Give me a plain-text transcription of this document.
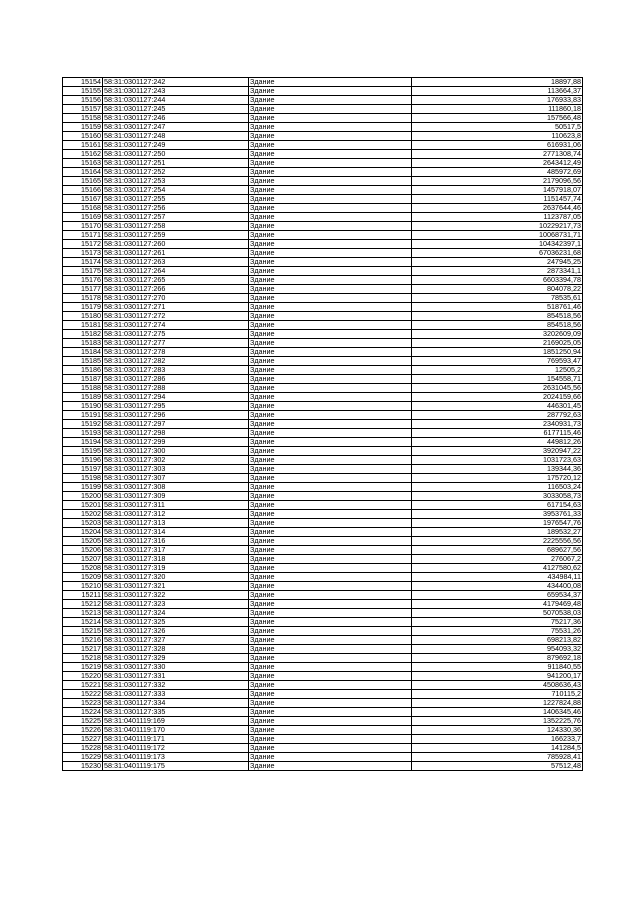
15154	58:31:0301127:242	Здание	18897,88
15155	58:31:0301127:243	Здание	113664,37
15156	58:31:0301127:244	Здание	176933,83
15157	58:31:0301127:245	Здание	111860,18
15158	58:31:0301127:246	Здание	157566,48
15159	58:31:0301127:247	Здание	50517,5
15160	58:31:0301127:248	Здание	110623,8
15161	58:31:0301127:249	Здание	616931,06
15162	58:31:0301127:250	Здание	2771308,74
15163	58:31:0301127:251	Здание	2643412,49
15164	58:31:0301127:252	Здание	485972,69
15165	58:31:0301127:253	Здание	2179096,56
15166	58:31:0301127:254	Здание	1457918,07
15167	58:31:0301127:255	Здание	1151457,74
15168	58:31:0301127:256	Здание	2637644,46
15169	58:31:0301127:257	Здание	1123787,05
15170	58:31:0301127:258	Здание	10229217,73
15171	58:31:0301127:259	Здание	10068731,71
15172	58:31:0301127:260	Здание	104342397,1
15173	58:31:0301127:261	Здание	67036231,68
15174	58:31:0301127:263	Здание	247945,25
15175	58:31:0301127:264	Здание	2873341,1
15176	58:31:0301127:265	Здание	6603394,78
15177	58:31:0301127:266	Здание	804078,22
15178	58:31:0301127:270	Здание	78535,61
15179	58:31:0301127:271	Здание	518761,46
15180	58:31:0301127:272	Здание	854518,56
15181	58:31:0301127:274	Здание	854518,56
15182	58:31:0301127:275	Здание	3202609,09
15183	58:31:0301127:277	Здание	2169025,05
15184	58:31:0301127:278	Здание	1851250,94
15185	58:31:0301127:282	Здание	769593,47
15186	58:31:0301127:283	Здание	12505,2
15187	58:31:0301127:286	Здание	154558,71
15188	58:31:0301127:288	Здание	2631045,56
15189	58:31:0301127:294	Здание	2024159,66
15190	58:31:0301127:295	Здание	446301,45
15191	58:31:0301127:296	Здание	287792,63
15192	58:31:0301127:297	Здание	2340931,73
15193	58:31:0301127:298	Здание	6177115,46
15194	58:31:0301127:299	Здание	449812,26
15195	58:31:0301127:300	Здание	3920947,22
15196	58:31:0301127:302	Здание	1031723,63
15197	58:31:0301127:303	Здание	139344,36
15198	58:31:0301127:307	Здание	175720,12
15199	58:31:0301127:308	Здание	116503,24
15200	58:31:0301127:309	Здание	3033058,73
15201	58:31:0301127:311	Здание	617154,63
15202	58:31:0301127:312	Здание	3953761,33
15203	58:31:0301127:313	Здание	1976547,76
15204	58:31:0301127:314	Здание	189532,27
15205	58:31:0301127:316	Здание	2225556,56
15206	58:31:0301127:317	Здание	689627,56
15207	58:31:0301127:318	Здание	276067,2
15208	58:31:0301127:319	Здание	4127580,62
15209	58:31:0301127:320	Здание	434984,11
15210	58:31:0301127:321	Здание	434400,08
15211	58:31:0301127:322	Здание	659534,37
15212	58:31:0301127:323	Здание	4179469,48
15213	58:31:0301127:324	Здание	5070538,03
15214	58:31:0301127:325	Здание	75217,36
15215	58:31:0301127:326	Здание	75531,26
15216	58:31:0301127:327	Здание	698213,82
15217	58:31:0301127:328	Здание	954093,32
15218	58:31:0301127:329	Здание	879692,18
15219	58:31:0301127:330	Здание	911840,55
15220	58:31:0301127:331	Здание	941200,17
15221	58:31:0301127:332	Здание	4508636,43
15222	58:31:0301127:333	Здание	710115,2
15223	58:31:0301127:334	Здание	1227824,88
15224	58:31:0301127:335	Здание	1406345,46
15225	58:31:0401119:169	Здание	1352225,76
15226	58:31:0401119:170	Здание	124330,36
15227	58:31:0401119:171	Здание	166233,7
15228	58:31:0401119:172	Здание	141284,5
15229	58:31:0401119:173	Здание	785928,41
15230	58:31:0401119:175	Здание	57512,48
